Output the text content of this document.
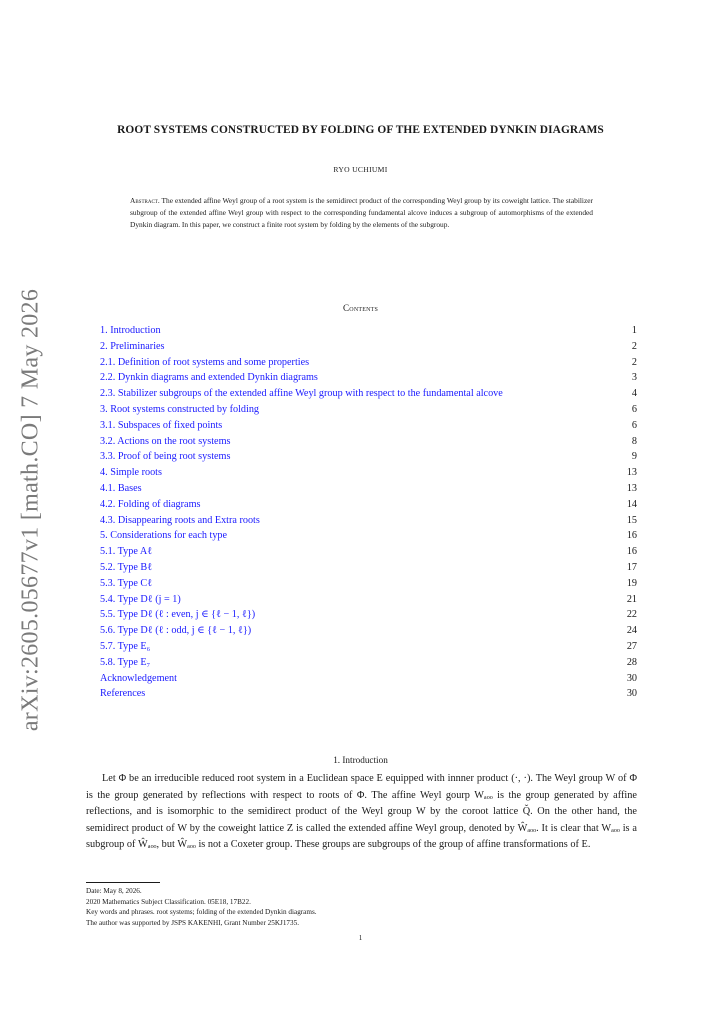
arXiv:2605.05677v1 [math.CO] 7 May 2026
ROOT SYSTEMS CONSTRUCTED BY FOLDING OF THE EXTENDED DYNKIN DIAGRAMS
RYO UCHIUMI
Abstract. The extended affine Weyl group of a root system is the semidirect product of the corresponding Weyl group by its coweight lattice. The stabilizer subgroup of the extended affine Weyl group with respect to the corresponding fundamental alcove induces a subgroup of automorphisms of the extended Dynkin diagram. In this paper, we construct a finite root system by folding by the elements of the subgroup.
Contents
1. Introduction	1
2. Preliminaries	2
2.1. Definition of root systems and some properties	2
2.2. Dynkin diagrams and extended Dynkin diagrams	3
2.3. Stabilizer subgroups of the extended affine Weyl group with respect to the fundamental alcove	4
3. Root systems constructed by folding	6
3.1. Subspaces of fixed points	6
3.2. Actions on the root systems	8
3.3. Proof of being root systems	9
4. Simple roots	13
4.1. Bases	13
4.2. Folding of diagrams	14
4.3. Disappearing roots and Extra roots	15
5. Considerations for each type	16
5.1. Type Aℓ	16
5.2. Type Bℓ	17
5.3. Type Cℓ	19
5.4. Type Dℓ (j = 1)	21
5.5. Type Dℓ (ℓ : even, j ∈ {ℓ − 1, ℓ})	22
5.6. Type Dℓ (ℓ : odd, j ∈ {ℓ − 1, ℓ})	24
5.7. Type E₆	27
5.8. Type E₇	28
Acknowledgement	30
References	30
1. Introduction

Let Φ be an irreducible reduced root system in a Euclidean space E equipped with innner product (·, ·). The Weyl group W of Φ is the group generated by reflections with respect to roots of Φ. The affine Weyl gourp Wₐₒₒ is the group generated by affine reflections, and is isomorphic to the semidirect product of the Weyl group W by the coroot lattice Q̌. On the other hand, the semidirect product of W by the coweight lattice Z is called the extended affine Weyl group, denoted by Ŵₐₒₒ. It is clear that Wₐₒₒ is a subgroup of Ŵₐₒₒ, but Ŵₐₒₒ is not a Coxeter group. These groups are subgroups of the group of affine transformations of E.

Date: May 8, 2026.
2020 Mathematics Subject Classification. 05E18, 17B22.
Key words and phrases. root systems; folding of the extended Dynkin diagrams.
The author was supported by JSPS KAKENHI, Grant Number 25KJ1735.
1
